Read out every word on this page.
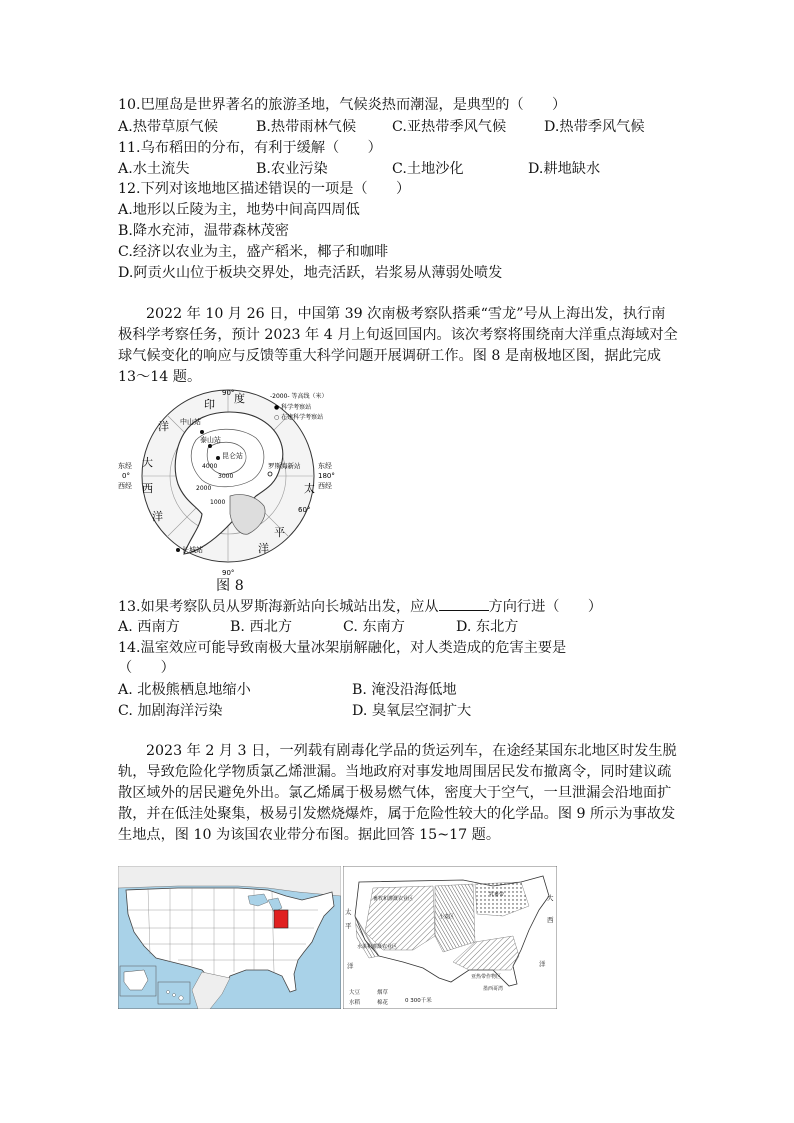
10.巴厘岛是世界著名的旅游圣地，气候炎热而潮湿，是典型的（　　）
A.热带草原气候	B.热带雨林气候	C.亚热带季风气候	D.热带季风气候
11.乌布稻田的分布，有利于缓解（　　）
A.水土流失	B.农业污染	C.土地沙化	D.耕地缺水
12.下列对该地地区描述错误的一项是（　　）
A.地形以丘陵为主，地势中间高四周低
B.降水充沛，温带森林茂密
C.经济以农业为主，盛产稻米，椰子和咖啡
D.阿贡火山位于板块交界处，地壳活跃，岩浆易从薄弱处喷发
2022 年 10 月 26 日，中国第 39 次南极考察队搭乘“雪龙”号从上海出发，执行南极科学考察任务，预计 2023 年 4 月上旬返回国内。该次考察将围绕南大洋重点海域对全球气候变化的响应与反馈等重大科学问题开展调研工作。图 8 是南极地区图，据此完成 13～14 题。
-2000- 等高线（米）
● 科学考察站
○ 在建科学考察站
90°
90°
60°
东经
0°
西经
东经
180°
西经
印 度
洋
大
西
洋
太
平
洋
中山站
泰山站
昆仑站
罗斯海新站
长城站
4000
3000
2000
1000
图 8
13.如果考察队员从罗斯海新站向长城站出发，应从	方向行进（　　）
A. 西南方	B. 西北方	C. 东南方	D. 东北方
14.温室效应可能导致南极大量冰架崩解融化，对人类造成的危害主要是
（　　）
A. 北极熊栖息地缩小	B. 淹没沿海低地
C. 加剧海洋污染	D. 臭氧层空洞扩大
2023 年 2 月 3 日，一列载有剧毒化学品的货运列车，在途经某国东北地区时发生脱轨，导致危险化学物质氯乙烯泄漏。当地政府对事发地周围居民发布撤离令，同时建议疏散区域外的居民避免外出。氯乙烯属于极易燃气体，密度大于空气，一旦泄漏会沿地面扩散，并在低洼处聚集，极易引发燃烧爆炸，属于危险性较大的化学品。图 9 所示为事故发生地点，图 10 为该国农业带分布图。据此回答 15~17 题。
太
平
洋
大
西
洋
畜牧和灌溉农业区
乳畜带
小麦区
水果和灌溉农业区
亚热带作物区
墨西哥湾
大豆	烟草
水稻	棉花	0 300千米
